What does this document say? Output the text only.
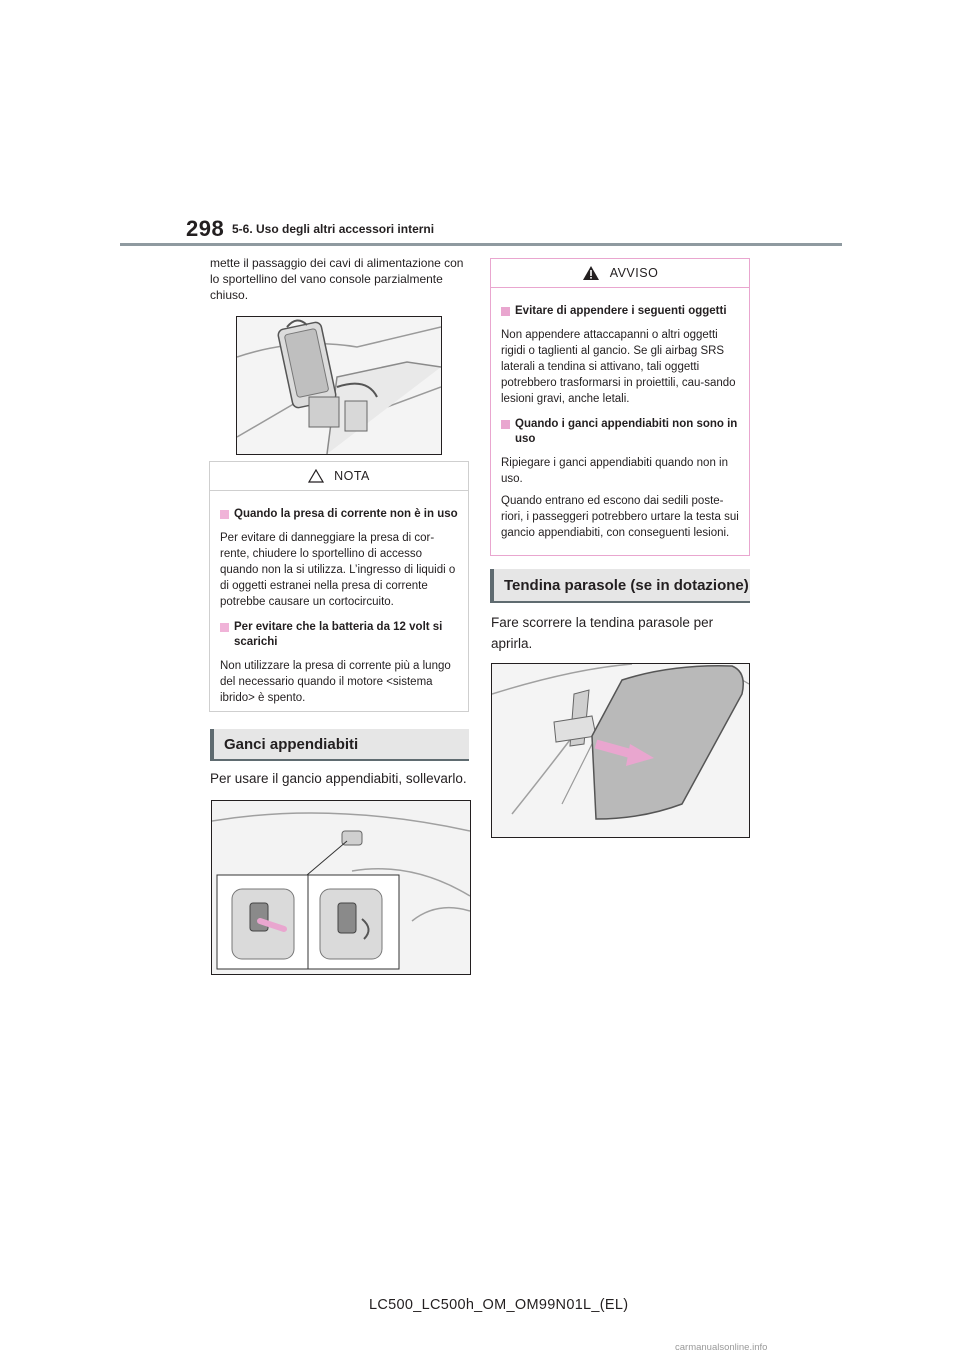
298 5-6. Uso degli altri accessori interni
mette il passaggio dei cavi di alimentazione con lo sportellino del vano console parzialmente chiuso.
NOTA
Quando la presa di corrente non è in uso

Per evitare di danneggiare la presa di cor-rente, chiudere lo sportellino di accesso quando non la si utilizza. L’ingresso di liquidi o di oggetti estranei nella presa di corrente potrebbe causare un cortocircuito.

Per evitare che la batteria da 12 volt si scarichi

Non utilizzare la presa di corrente più a lungo del necessario quando il motore <sistema ibrido> è spento.

Ganci appendiabiti
Per usare il gancio appendiabiti, sollevarlo.
AVVISO
Evitare di appendere i seguenti oggetti

Non appendere attaccapanni o altri oggetti rigidi o taglienti al gancio. Se gli airbag SRS laterali a tendina si attivano, tali oggetti potrebbero trasformarsi in proiettili, cau-sando lesioni gravi, anche letali.

Quando i ganci appendiabiti non sono in uso

Ripiegare i ganci appendiabiti quando non in uso.

Quando entrano ed escono dai sedili poste-riori, i passeggeri potrebbero urtare la testa sui gancio appendiabiti, con conseguenti lesioni.

Tendina parasole (se in dotazione)
Fare scorrere la tendina parasole per aprirla.
LC500_LC500h_OM_OM99N01L_(EL)
carmanualsonline.info
